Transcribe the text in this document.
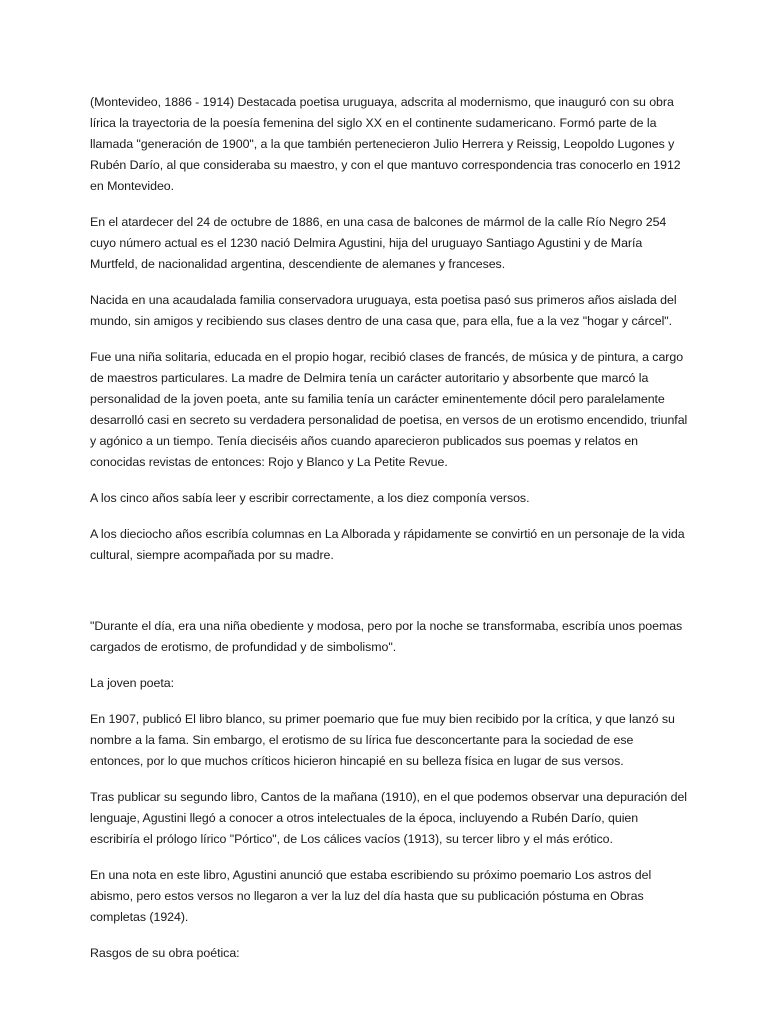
(Montevideo, 1886 - 1914) Destacada poetisa uruguaya, adscrita al modernismo, que inauguró con su obra lírica la trayectoria de la poesía femenina del siglo XX en el continente sudamericano. Formó parte de la llamada "generación de 1900", a la que también pertenecieron Julio Herrera y Reissig, Leopoldo Lugones y Rubén Darío, al que consideraba su maestro, y con el que mantuvo correspondencia tras conocerlo en 1912 en Montevideo.

En el atardecer del 24 de octubre de 1886, en una casa de balcones de mármol de la calle Río Negro 254 cuyo número actual es el 1230 nació Delmira Agustini, hija del uruguayo Santiago Agustini y de María Murtfeld, de nacionalidad argentina, descendiente de alemanes y franceses.

Nacida en una acaudalada familia conservadora uruguaya, esta poetisa pasó sus primeros años aislada del mundo, sin amigos y recibiendo sus clases dentro de una casa que, para ella, fue a la vez "hogar y cárcel".

Fue una niña solitaria, educada en el propio hogar, recibió clases de francés, de música y de pintura, a cargo de maestros particulares. La madre de Delmira tenía un carácter autoritario y absorbente que marcó la personalidad de la joven poeta, ante su familia tenía un carácter eminentemente dócil pero paralelamente desarrolló casi en secreto su verdadera personalidad de poetisa, en versos de un erotismo encendido, triunfal y agónico a un tiempo. Tenía dieciséis años cuando aparecieron publicados sus poemas y relatos en conocidas revistas de entonces: Rojo y Blanco y La Petite Revue.

A los cinco años sabía leer y escribir correctamente, a los diez componía versos.

A los dieciocho años escribía columnas en La Alborada y rápidamente se convirtió en un personaje de la vida cultural, siempre acompañada por su madre.

"Durante el día, era una niña obediente y modosa, pero por la noche se transformaba, escribía unos poemas cargados de erotismo, de profundidad y de simbolismo".

La joven poeta:

En 1907, publicó El libro blanco, su primer poemario que fue muy bien recibido por la crítica, y que lanzó su nombre a la fama. Sin embargo, el erotismo de su lírica fue desconcertante para la sociedad de ese entonces, por lo que muchos críticos hicieron hincapié en su belleza física en lugar de sus versos.

Tras publicar su segundo libro, Cantos de la mañana (1910), en el que podemos observar una depuración del lenguaje, Agustini llegó a conocer a otros intelectuales de la época, incluyendo a Rubén Darío, quien escribiría el prólogo lírico "Pórtico", de Los cálices vacíos (1913), su tercer libro y el más erótico.

En una nota en este libro, Agustini anunció que estaba escribiendo su próximo poemario Los astros del abismo, pero estos versos no llegaron a ver la luz del día hasta que su publicación póstuma en Obras completas (1924).

Rasgos de su obra poética:
